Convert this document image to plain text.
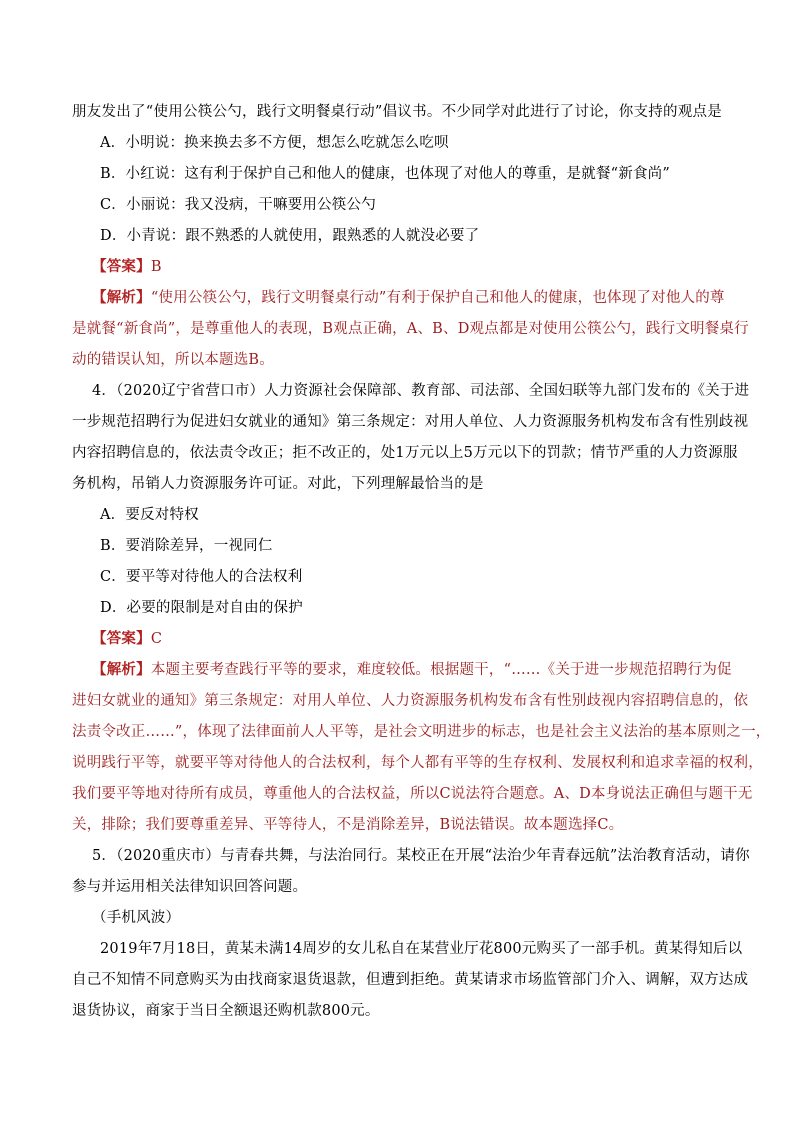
朋友发出了“使用公筷公勺，践行文明餐桌行动”倡议书。不少同学对此进行了讨论，你支持的观点是
A．小明说：换来换去多不方便，想怎么吃就怎么吃呗
B．小红说：这有利于保护自己和他人的健康，也体现了对他人的尊重，是就餐“新食尚”
C．小丽说：我又没病，干嘛要用公筷公勺
D．小青说：跟不熟悉的人就使用，跟熟悉的人就没必要了
【答案】B
【解析】“使用公筷公勺，践行文明餐桌行动”有利于保护自己和他人的健康，也体现了对他人的尊
是就餐“新食尚”，是尊重他人的表现，B观点正确，A、B、D观点都是对使用公筷公勺，践行文明餐桌行
动的错误认知，所以本题选B。
4．（2020辽宁省营口市）人力资源社会保障部、教育部、司法部、全国妇联等九部门发布的《关于进
一步规范招聘行为促进妇女就业的通知》第三条规定：对用人单位、人力资源服务机构发布含有性别歧视
内容招聘信息的，依法责令改正；拒不改正的，处1万元以上5万元以下的罚款；情节严重的人力资源服
务机构，吊销人力资源服务许可证。对此，下列理解最恰当的是
A．要反对特权
B．要消除差异，一视同仁
C．要平等对待他人的合法权利
D．必要的限制是对自由的保护
【答案】C
【解析】本题主要考查践行平等的要求，难度较低。根据题干，“……《关于进一步规范招聘行为促
进妇女就业的通知》第三条规定：对用人单位、人力资源服务机构发布含有性别歧视内容招聘信息的，依
法责令改正……”，体现了法律面前人人平等，是社会文明进步的标志，也是社会主义法治的基本原则之一，
说明践行平等，就要平等对待他人的合法权利，每个人都有平等的生存权利、发展权利和追求幸福的权利，
我们要平等地对待所有成员，尊重他人的合法权益，所以C说法符合题意。A、D本身说法正确但与题干无
关，排除；我们要尊重差异、平等待人，不是消除差异，B说法错误。故本题选择C。
5．（2020重庆市）与青春共舞，与法治同行。某校正在开展“法治少年青春远航”法治教育活动，请你
参与并运用相关法律知识回答问题。
（手机风波）
2019年7月18日，黄某未满14周岁的女儿私自在某营业厅花800元购买了一部手机。黄某得知后以
自己不知情不同意购买为由找商家退货退款，但遭到拒绝。黄某请求市场监管部门介入、调解，双方达成
退货协议，商家于当日全额退还购机款800元。
